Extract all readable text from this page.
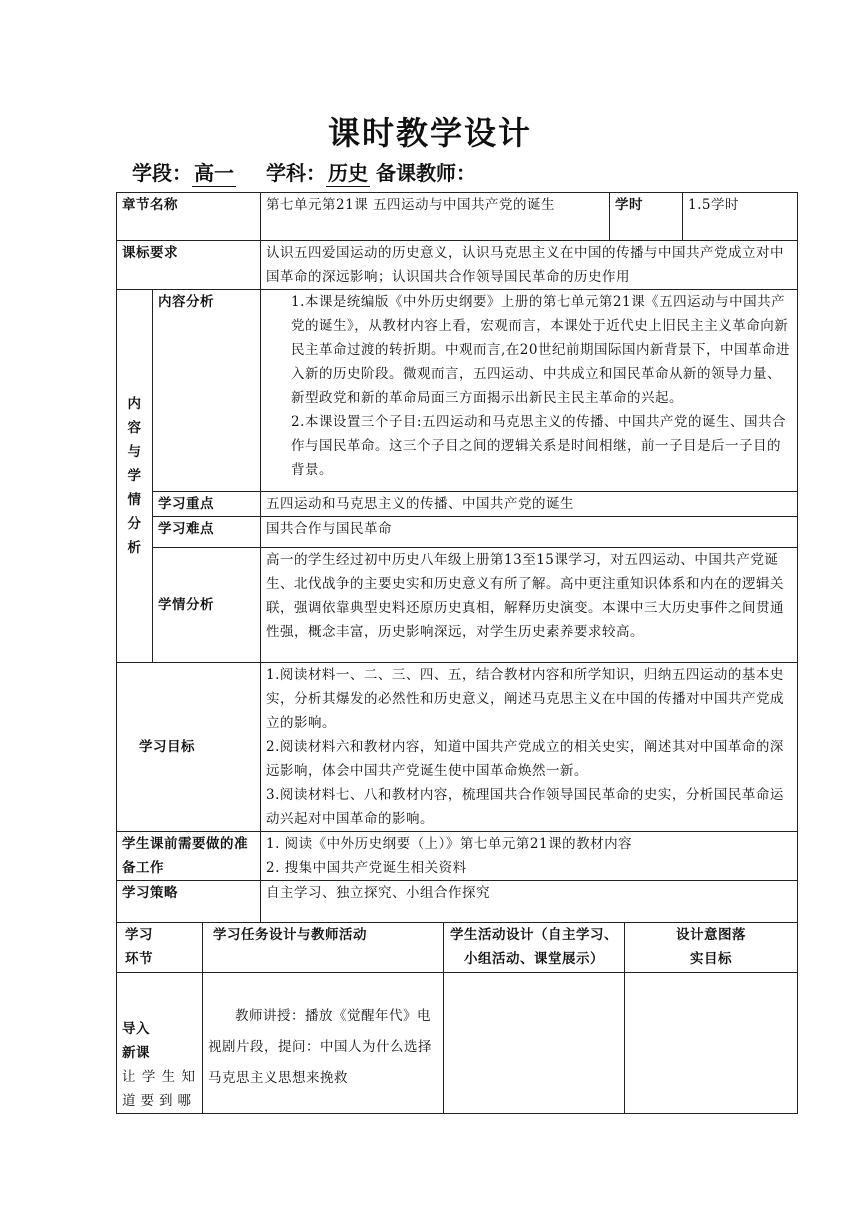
课时教学设计
学段： 高一 学科： 历史 备课教师：
章节名称			第七单元第21课 五四运动与中国共产党的诞生		学时		1.5学时
课标要求			认识五四爱国运动的历史意义，认识马克思主义在中国的传播与中国共产党成立对中国革命的深远影响；认识国共合作领导国民革命的历史作用				

内容与学情分析	内容分析		1.本课是统编版《中外历史纲要》上册的第七单元第21课《五四运动与中国共产党的诞生》，从教材内容上看，宏观而言，本课处于近代史上旧民主主义革命向新民主革命过渡的转折期。中观而言,在20世纪前期国际国内新背景下，中国革命进入新的历史阶段。微观而言，五四运动、中共成立和国民革命从新的领导力量、新型政党和新的革命局面三方面揭示出新民主民主革命的兴起。
2.本课设置三个子目:五四运动和马克思主义的传播、中国共产党的诞生、国共合作与国民革命。这三个子目之间的逻辑关系是时间相继，前一子目是后一子目的背景。				

	学习重点		五四运动和马克思主义的传播、中国共产党的诞生				
	学习难点		国共合作与国民革命				
	学情分析		高一的学生经过初中历史八年级上册第13至15课学习，对五四运动、中国共产党诞生、北伐战争的主要史实和历史意义有所了解。高中更注重知识体系和内在的逻辑关联，强调依靠典型史料还原历史真相，解释历史演变。本课中三大历史事件之间贯通性强，概念丰富，历史影响深远，对学生历史素养要求较高。				
学习目标			1.阅读材料一、二、三、四、五，结合教材内容和所学知识，归纳五四运动的基本史实，分析其爆发的必然性和历史意义，阐述马克思主义在中国的传播对中国共产党成立的影响。
2.阅读材料六和教材内容，知道中国共产党成立的相关史实，阐述其对中国革命的深远影响，体会中国共产党诞生使中国革命焕然一新。
3.阅读材料七、八和教材内容，梳理国共合作领导国民革命的史实，分析国民革命运动兴起对中国革命的影响。				

学生课前需要做的准备工作			1. 阅读《中外历史纲要（上）》第七单元第21课的教材内容
2. 搜集中国共产党诞生相关资料				

学习策略			自主学习、独立探究、小组合作探究				

学习环节		学习任务设计与教师活动		学生活动设计（自主学习、小组活动、课堂展示）		设计意图落实目标	

导入新课
让学生知道要到哪		教师讲授：播放《觉醒年代》电视剧片段，提问：中国人为什么选择马克思主义思想来挽救					
